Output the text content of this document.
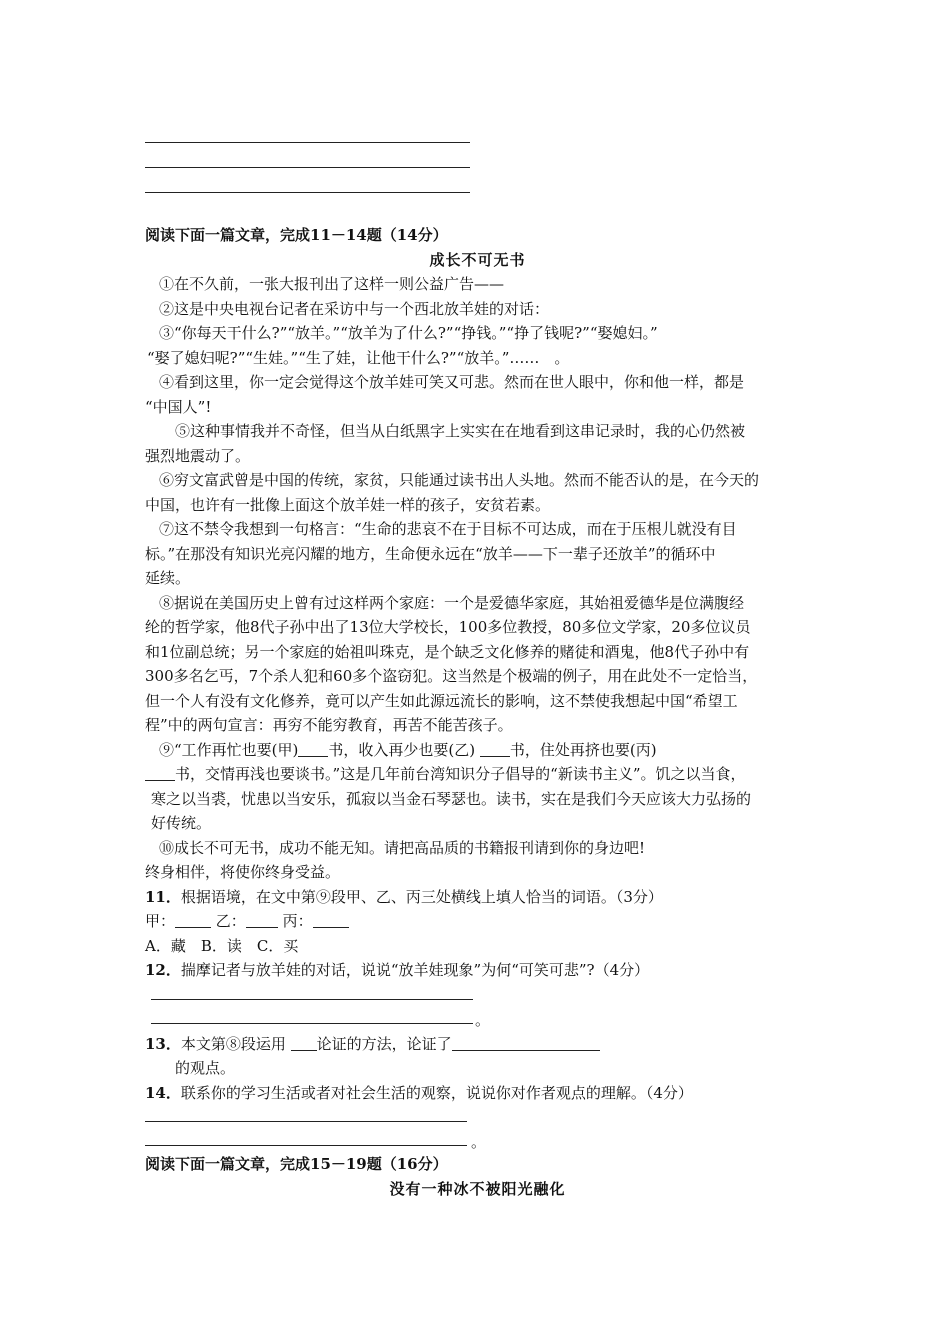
阅读下面一篇文章，完成11－14题（14分）
成长不可无书
①在不久前，一张大报刊出了这样一则公益广告——
②这是中央电视台记者在采访中与一个西北放羊娃的对话：
③“你每天干什么?”“放羊。”“放羊为了什么?”“挣钱。”“挣了钱呢?”“娶媳妇。”
“娶了媳妇呢?”“生娃。”“生了娃，让他干什么?”“放羊。”……　。
④看到这里，你一定会觉得这个放羊娃可笑又可悲。然而在世人眼中，你和他一样，都是
“中国人”!
⑤这种事情我并不奇怪，但当从白纸黑字上实实在在地看到这串记录时，我的心仍然被
强烈地震动了。
⑥穷文富武曾是中国的传统，家贫，只能通过读书出人头地。然而不能否认的是，在今天的
中国，也许有一批像上面这个放羊娃一样的孩子，安贫若素。
⑦这不禁令我想到一句格言：“生命的悲哀不在于目标不可达成，而在于压根儿就没有目
标。”在那没有知识光亮闪耀的地方，生命便永远在“放羊——下一辈子还放羊”的循环中
延续。
⑧据说在美国历史上曾有过这样两个家庭：一个是爱德华家庭，其始祖爱德华是位满腹经
纶的哲学家，他8代子孙中出了13位大学校长，100多位教授，80多位文学家，20多位议员
和1位副总统；另一个家庭的始祖叫珠克，是个缺乏文化修养的赌徒和酒鬼，他8代子孙中有
300多名乞丐，7个杀人犯和60多个盗窃犯。这当然是个极端的例子，用在此处不一定恰当，
但一个人有没有文化修养，竟可以产生如此源远流长的影响，这不禁使我想起中国“希望工
程”中的两句宣言：再穷不能穷教育，再苦不能苦孩子。
⑨“工作再忙也要(甲) 书，收入再少也要(乙) 书，住处再挤也要(丙)
书，交情再浅也要谈书。”这是几年前台湾知识分子倡导的“新读书主义”。饥之以当食，
寒之以当裘，忧患以当安乐，孤寂以当金石琴瑟也。读书，实在是我们今天应该大力弘扬的
好传统。
⑩成长不可无书，成功不能无知。请把高品质的书籍报刊请到你的身边吧!
终身相伴，将使你终身受益。
11．根据语境，在文中第⑨段甲、乙、丙三处横线上填人恰当的词语。（3分）
甲： 乙： 丙：
A．藏　B．读　C．买
12．揣摩记者与放羊娃的对话，说说“放羊娃现象”为何“可笑可悲”?（4分）
。
13．本文第⑧段运用 论证的方法，论证了
的观点。
14．联系你的学习生活或者对社会生活的观察，说说你对作者观点的理解。（4分）
。
阅读下面一篇文章，完成15－19题（16分）
没有一种冰不被阳光融化
